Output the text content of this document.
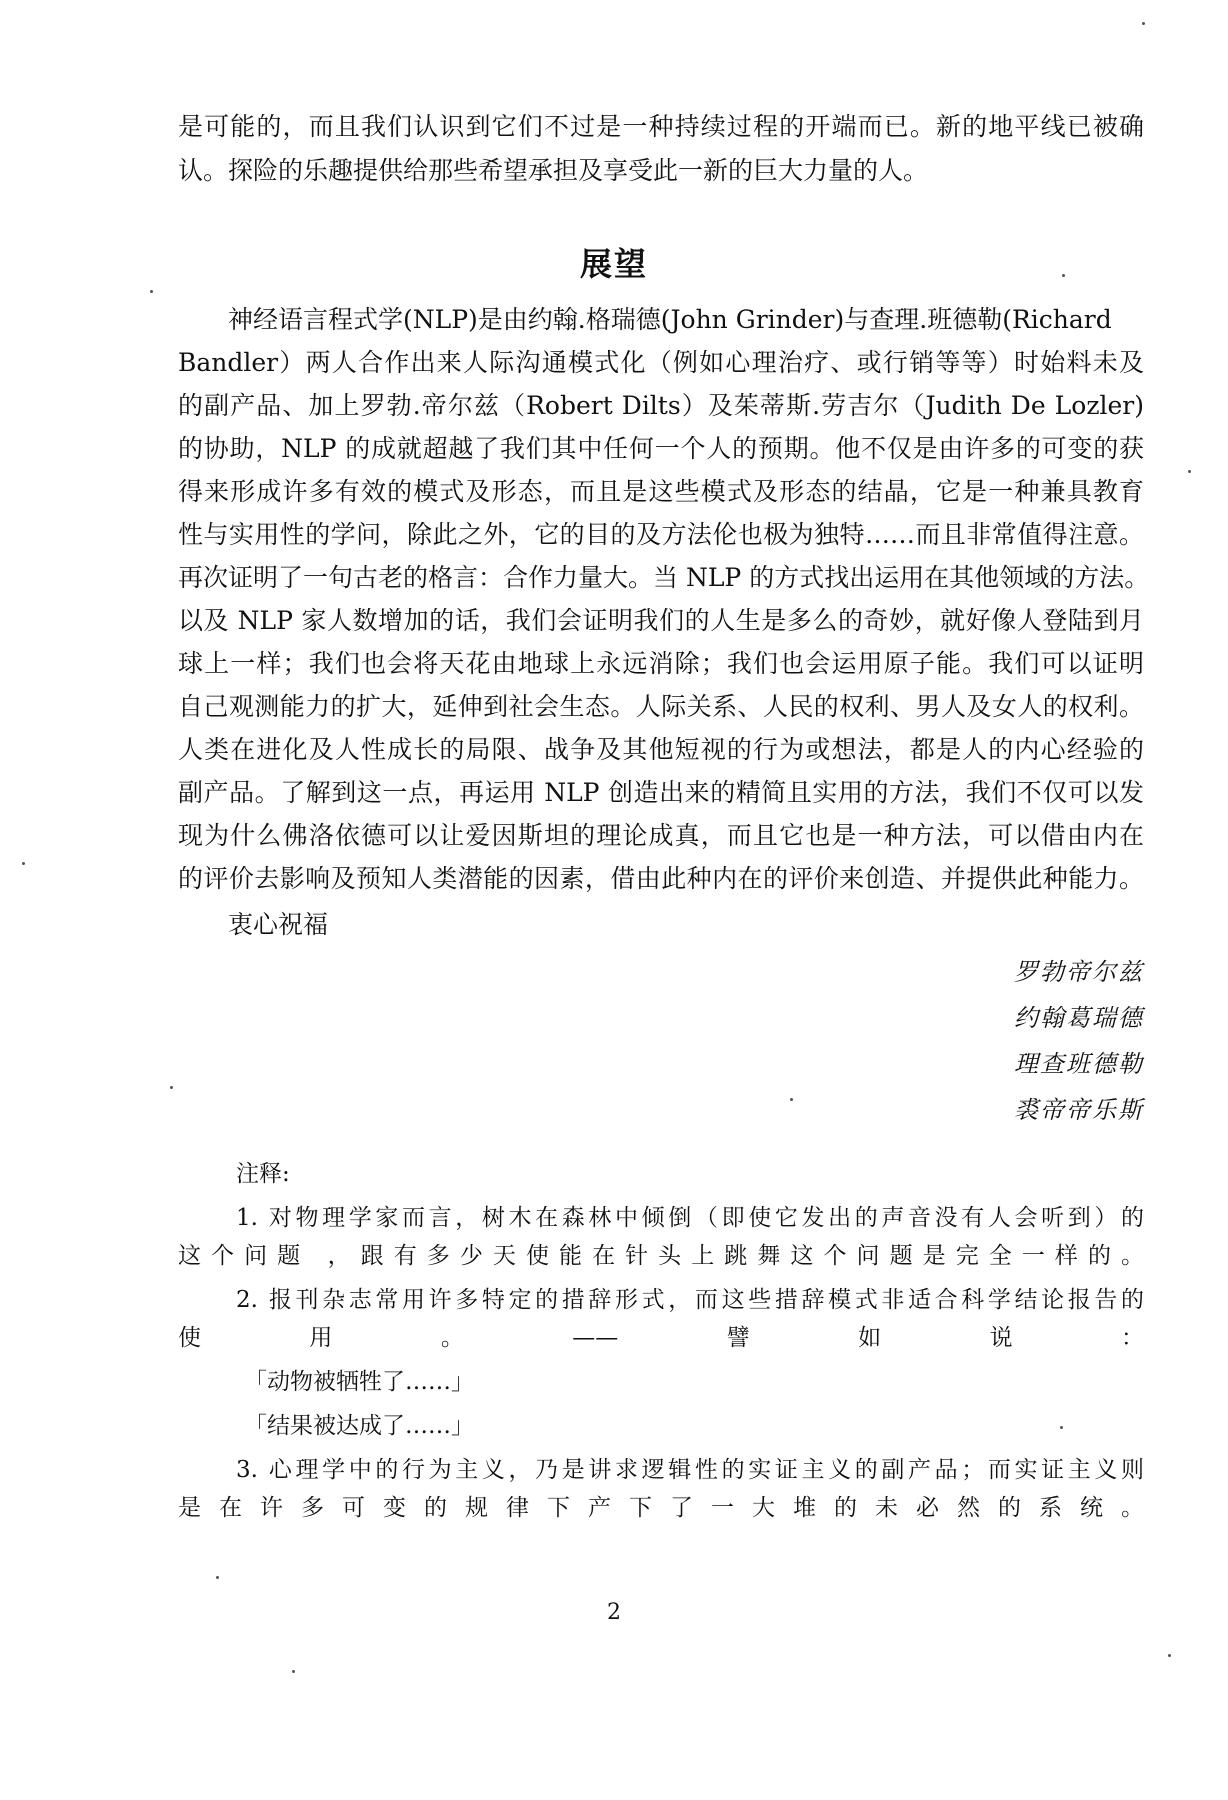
是可能的，而且我们认识到它们不过是一种持续过程的开端而已。新的地平线已被确
认。探险的乐趣提供给那些希望承担及享受此一新的巨大力量的人。
展望
神经语言程式学(NLP)是由约翰.格瑞德(John Grinder)与查理.班德勒(Richard
Bandler）两人合作出来人际沟通模式化（例如心理治疗、或行销等等）时始料未及
的副产品、加上罗勃.帝尔兹（Robert Dilts）及茱蒂斯.劳吉尔（Judith De Lozler)
的协助，NLP 的成就超越了我们其中任何一个人的预期。他不仅是由许多的可变的获
得来形成许多有效的模式及形态，而且是这些模式及形态的结晶，它是一种兼具教育
性与实用性的学问，除此之外，它的目的及方法伦也极为独特……而且非常值得注意。
再次证明了一句古老的格言：合作力量大。当 NLP 的方式找出运用在其他领域的方法。
以及 NLP 家人数增加的话，我们会证明我们的人生是多么的奇妙，就好像人登陆到月
球上一样；我们也会将天花由地球上永远消除；我们也会运用原子能。我们可以证明
自己观测能力的扩大，延伸到社会生态。人际关系、人民的权利、男人及女人的权利。
人类在进化及人性成长的局限、战争及其他短视的行为或想法，都是人的内心经验的
副产品。了解到这一点，再运用 NLP 创造出来的精简且实用的方法，我们不仅可以发
现为什么佛洛依德可以让爱因斯坦的理论成真，而且它也是一种方法，可以借由内在
的评价去影响及预知人类潜能的因素，借由此种内在的评价来创造、并提供此种能力。
衷心祝福
罗勃帝尔兹
约翰葛瑞德
理查班德勒
裘帝帝乐斯
注释:
1. 对物理学家而言，树木在森林中倾倒（即使它发出的声音没有人会听到）的
这个问题 ，跟有多少天使能在针头上跳舞这个问题是完全一样的。
2. 报刊杂志常用许多特定的措辞形式，而这些措辞模式非适合科学结论报告的
使用。——譬如说：
「动物被牺牲了……」
「结果被达成了……」
3. 心理学中的行为主义，乃是讲求逻辑性的实证主义的副产品；而实证主义则
是在许多可变的规律下产下了一大堆的未必然的系统。
2
